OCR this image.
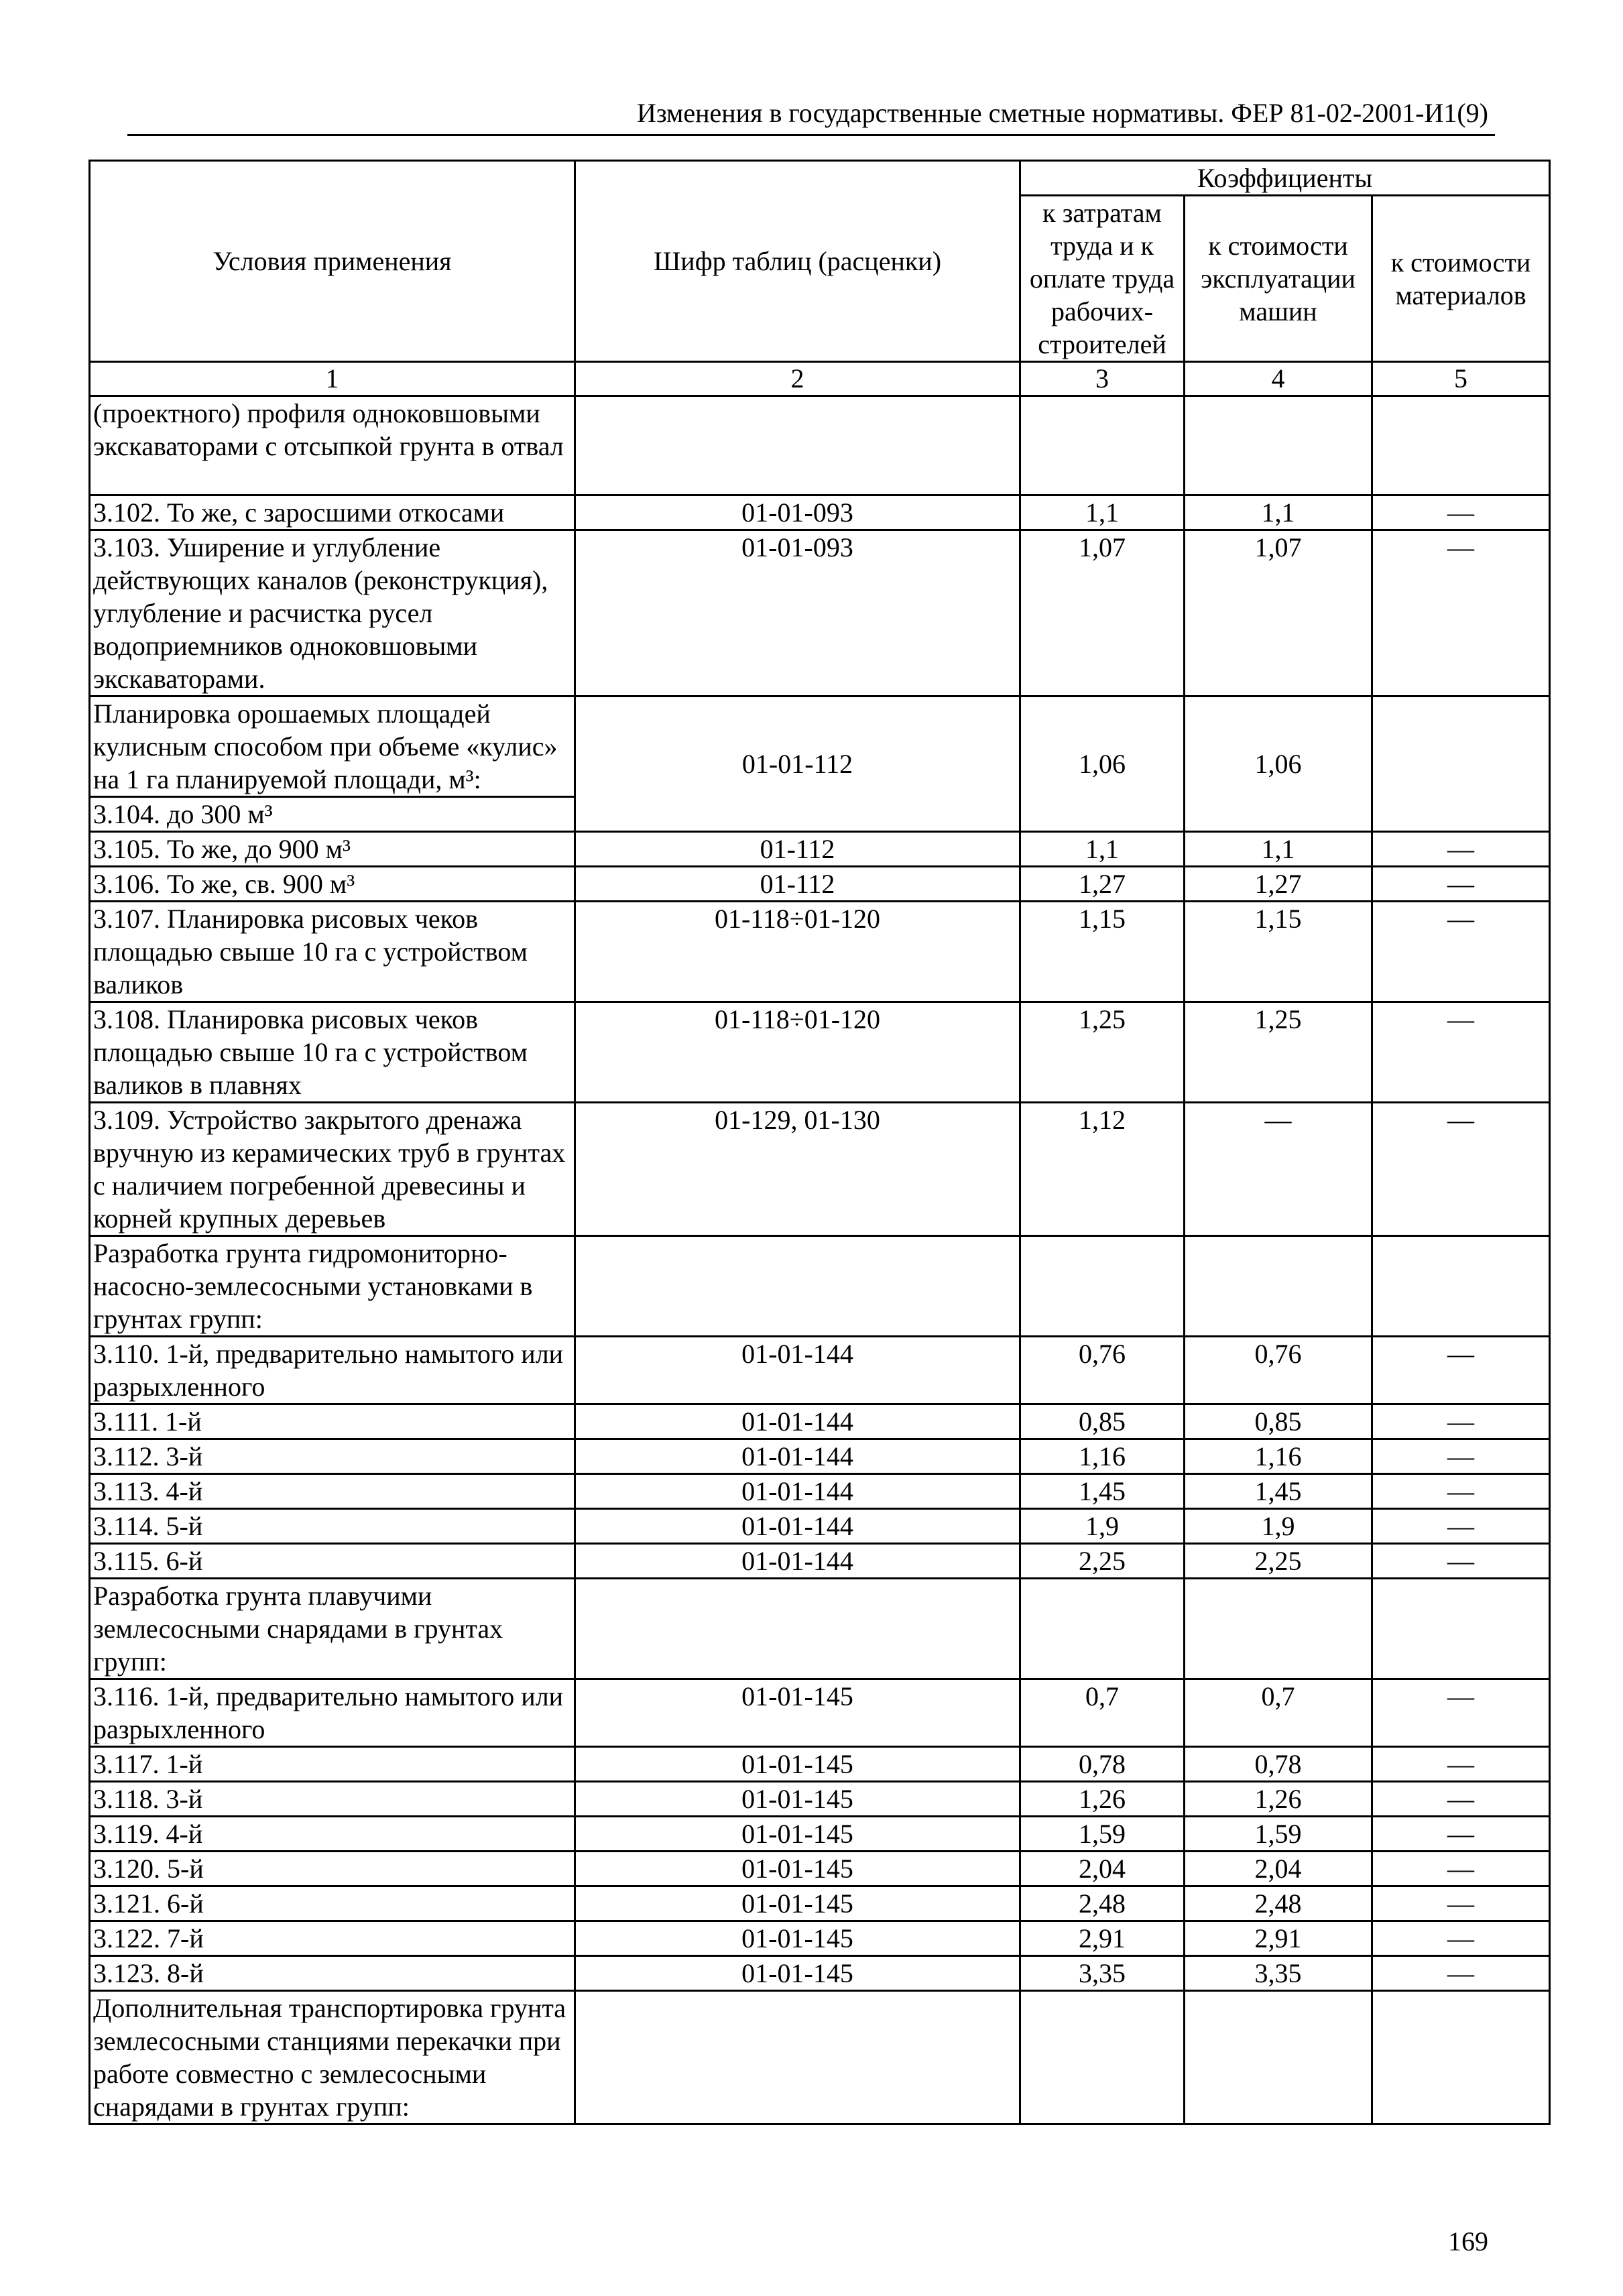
Изменения в государственные сметные нормативы. ФЕР 81-02-2001-И1(9)
Условия применения	Шифр таблиц (расценки)	Коэффициенты		
		к затратам труда и к оплате труда рабочих-строителей	к стоимости эксплуатации машин	к стоимости материалов
1	2	3	4	5
(проектного) профиля одноковшовыми экскаваторами с отсыпкой грунта в отвал				
3.102. То же, с заросшими откосами	01-01-093	1,1	1,1	—
3.103. Уширение и углубление действующих каналов (реконструкция), углубление и расчистка русел водоприемников одноковшовыми экскаваторами.	01-01-093	1,07	1,07	—
Планировка орошаемых площадей кулисным способом при объеме «кулис» на 1 га планируемой площади, м³:	01-01-112	1,06	1,06	
3.104. до 300 м³				
3.105. То же, до 900 м³	01-112	1,1	1,1	—
3.106. То же, св. 900 м³	01-112	1,27	1,27	—
3.107. Планировка рисовых чеков площадью свыше 10 га с устройством валиков	01-118÷01-120	1,15	1,15	—
3.108. Планировка рисовых чеков площадью свыше 10 га с устройством валиков в плавнях	01-118÷01-120	1,25	1,25	—
3.109. Устройство закрытого дренажа вручную из керамических труб в грунтах с наличием погребенной древесины и корней крупных деревьев	01-129, 01-130	1,12	—	—
Разработка грунта гидромониторно-насосно-землесосными установками в грунтах групп:				
3.110. 1-й, предварительно намытого или разрыхленного	01-01-144	0,76	0,76	—
3.111. 1-й	01-01-144	0,85	0,85	—
3.112. 3-й	01-01-144	1,16	1,16	—
3.113. 4-й	01-01-144	1,45	1,45	—
3.114. 5-й	01-01-144	1,9	1,9	—
3.115. 6-й	01-01-144	2,25	2,25	—
Разработка грунта плавучими землесосными снарядами в грунтах групп:				
3.116. 1-й, предварительно намытого или разрыхленного	01-01-145	0,7	0,7	—
3.117. 1-й	01-01-145	0,78	0,78	—
3.118. 3-й	01-01-145	1,26	1,26	—
3.119. 4-й	01-01-145	1,59	1,59	—
3.120. 5-й	01-01-145	2,04	2,04	—
3.121. 6-й	01-01-145	2,48	2,48	—
3.122. 7-й	01-01-145	2,91	2,91	—
3.123. 8-й	01-01-145	3,35	3,35	—
Дополнительная транспортировка грунта землесосными станциями перекачки при работе совместно с землесосными снарядами в грунтах групп:				
169
